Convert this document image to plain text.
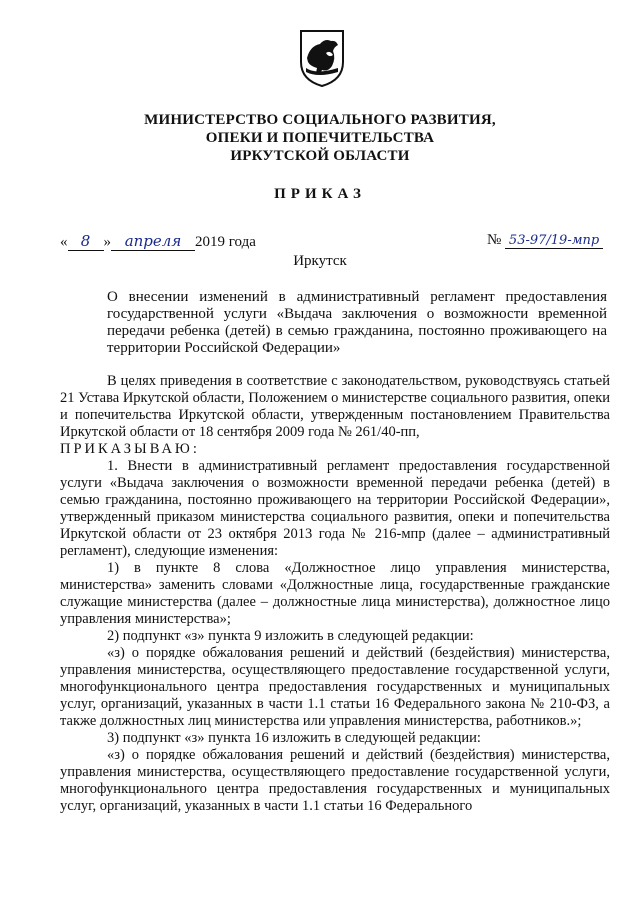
МИНИСТЕРСТВО СОЦИАЛЬНОГО РАЗВИТИЯ,
ОПЕКИ И ПОПЕЧИТЕЛЬСТВА
ИРКУТСКОЙ ОБЛАСТИ
ПРИКАЗ
« 8 » апреля 2019 года	№ 53-97/19-мпр
Иркутск
О внесении изменений в административный регламент предоставления государственной услуги «Выдача заключения о возможности временной передачи ребенка (детей) в семью гражданина, постоянно проживающего на территории Российской Федерации»

В целях приведения в соответствие с законодательством, руководствуясь статьей 21 Устава Иркутской области, Положением о министерстве социального развития, опеки и попечительства Иркутской области, утвержденным постановлением Правительства Иркутской области от 18 сентября 2009 года № 261/40-пп,

ПРИКАЗЫВАЮ:

1. Внести в административный регламент предоставления государственной услуги «Выдача заключения о возможности временной передачи ребенка (детей) в семью гражданина, постоянно проживающего на территории Российской Федерации», утвержденный приказом министерства социального развития, опеки и попечительства Иркутской области от 23 октября 2013 года № 216-мпр (далее – административный регламент), следующие изменения:

1) в пункте 8 слова «Должностное лицо управления министерства, министерства» заменить словами «Должностные лица, государственные гражданские служащие министерства (далее – должностные лица министерства), должностное лицо управления министерства»;

2) подпункт «з» пункта 9 изложить в следующей редакции:

«з) о порядке обжалования решений и действий (бездействия) министерства, управления министерства, осуществляющего предоставление государственной услуги, многофункционального центра предоставления государственных и муниципальных услуг, организаций, указанных в части 1.1 статьи 16 Федерального закона № 210-ФЗ, а также должностных лиц министерства или управления министерства, работников.»;

3) подпункт «з» пункта 16 изложить в следующей редакции:

«з) о порядке обжалования решений и действий (бездействия) министерства, управления министерства, осуществляющего предоставление государственной услуги, многофункционального центра предоставления государственных и муниципальных услуг, организаций, указанных в части 1.1 статьи 16 Федерального
